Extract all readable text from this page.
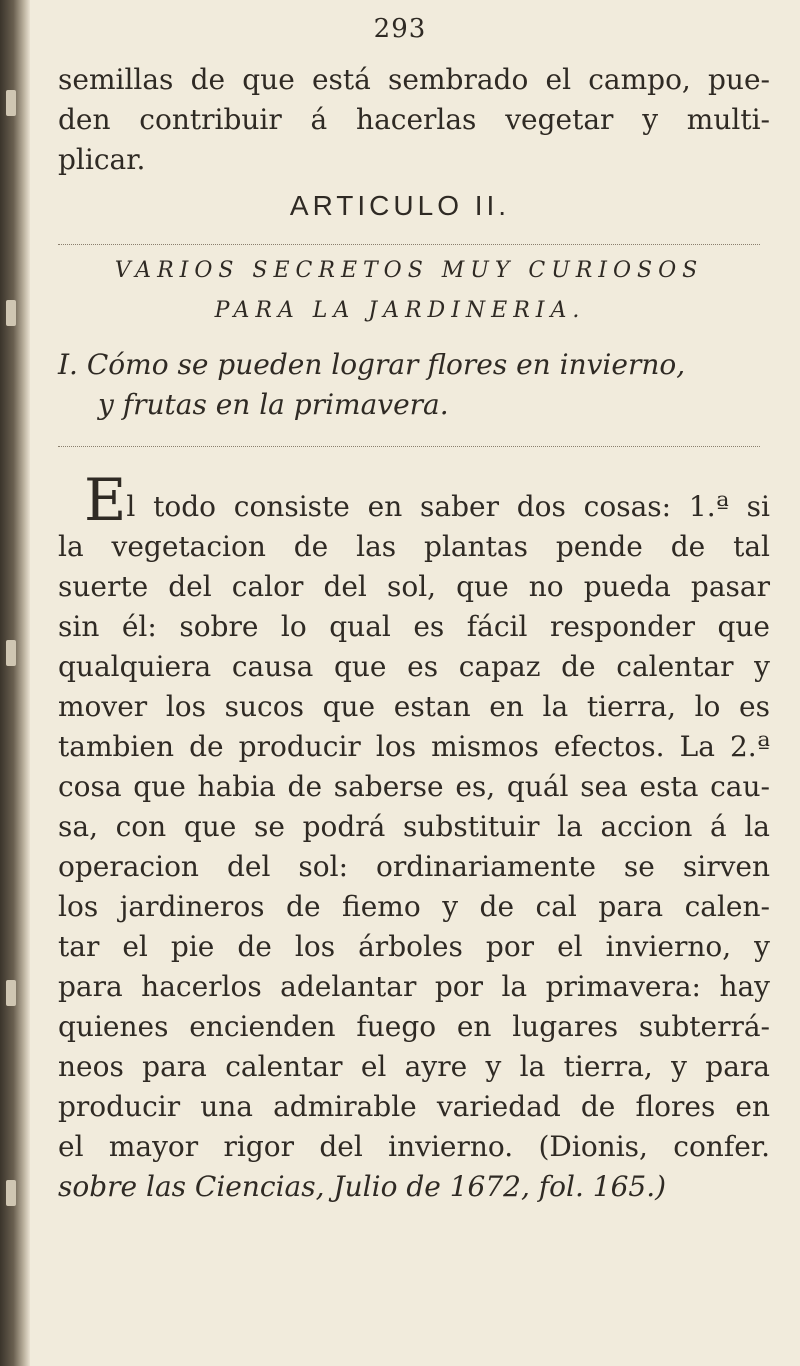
293
semillas de que está sembrado el campo, pue-
den contribuir á hacerlas vegetar y multi-
plicar.
ARTICULO II.
VARIOS SECRETOS MUY CURIOSOS
PARA LA JARDINERIA.
I. Cómo se pueden lograr flores en invierno,
y frutas en la primavera.
El todo consiste en saber dos cosas: 1.ª si
la vegetacion de las plantas pende de tal
suerte del calor del sol, que no pueda pasar
sin él: sobre lo qual es fácil responder que
qualquiera causa que es capaz de calentar y
mover los sucos que estan en la tierra, lo es
tambien de producir los mismos efectos. La 2.ª
cosa que habia de saberse es, quál sea esta cau-
sa, con que se podrá substituir la accion á la
operacion del sol: ordinariamente se sirven
los jardineros de fiemo y de cal para calen-
tar el pie de los árboles por el invierno, y
para hacerlos adelantar por la primavera: hay
quienes encienden fuego en lugares subterrá-
neos para calentar el ayre y la tierra, y para
producir una admirable variedad de flores en
el mayor rigor del invierno. (Dionis, confer.
sobre las Ciencias, Julio de 1672, fol. 165.)
